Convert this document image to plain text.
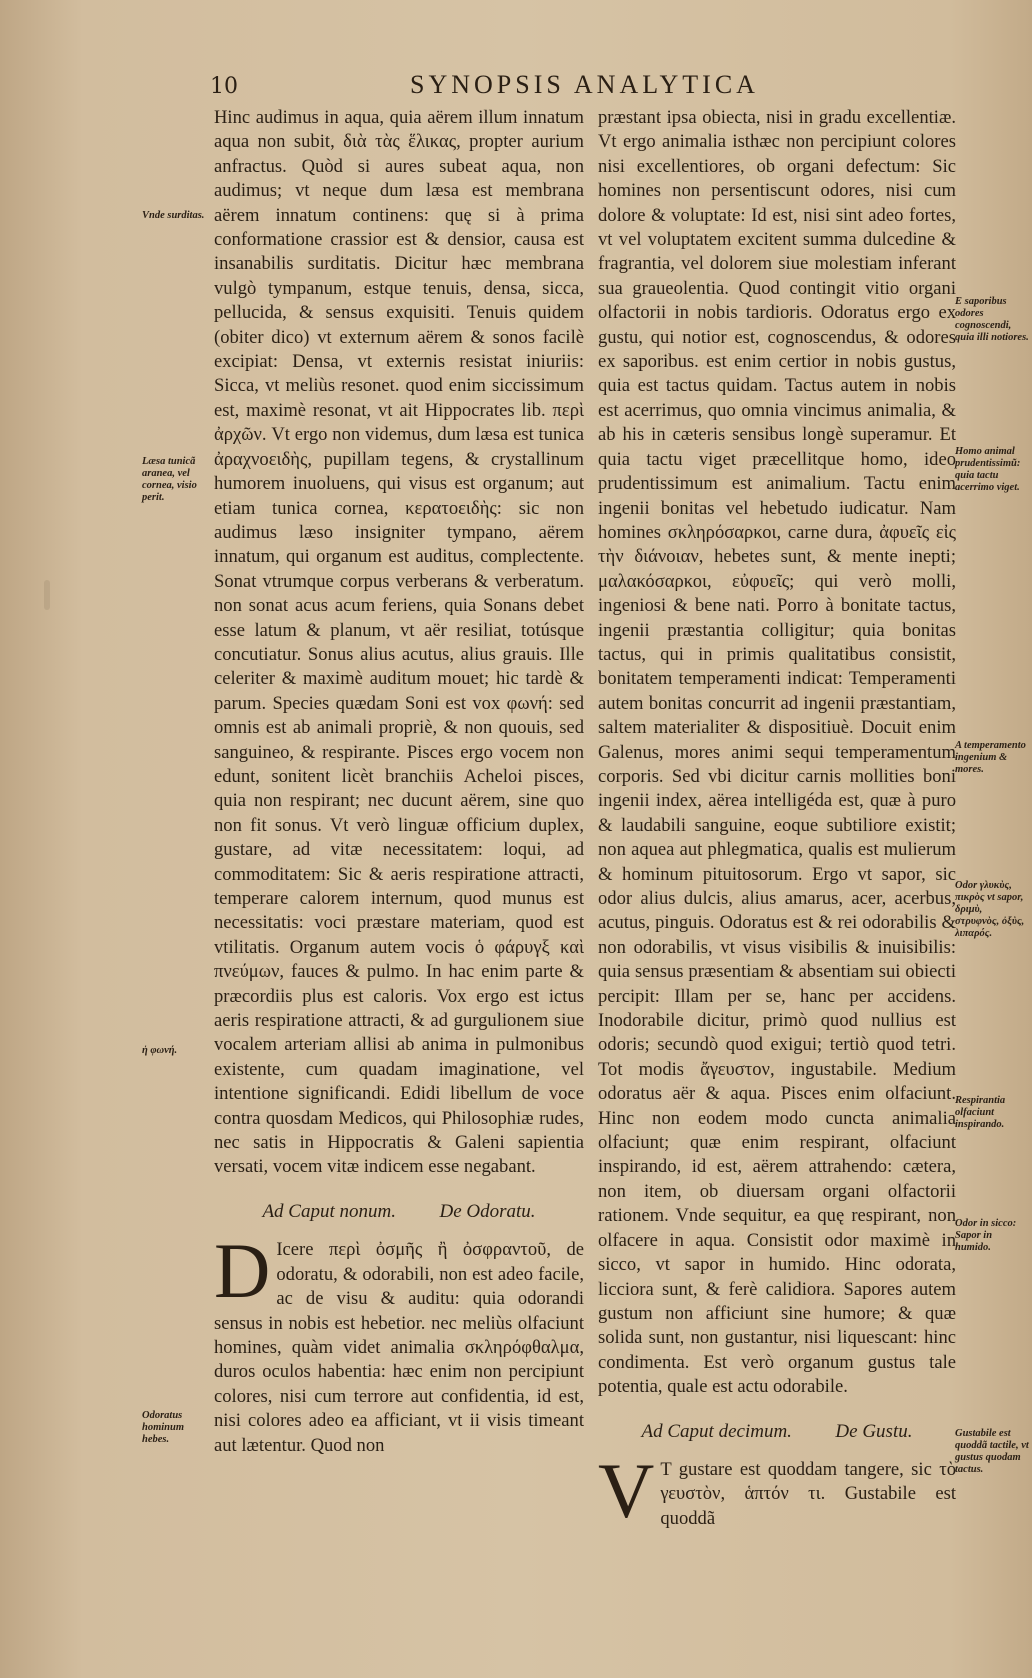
10	SYNOPSIS ANALYTICA

Hinc audimus in aqua, quia aërem illum innatum aqua non subit, διὰ τὰς ἕλικας, propter aurium anfractus. Quòd si aures subeat aqua, non audimus; vt neque dum læsa est membrana aërem innatum continens: quę si à prima conformatione crassior est & densior, causa est insanabilis surditatis. Dicitur hæc membrana vulgò tympanum, estque tenuis, densa, sicca, pellucida, & sensus exquisiti. Tenuis quidem (obiter dico) vt externum aërem & sonos facilè excipiat: Densa, vt externis resistat iniuriis: Sicca, vt meliùs resonet. quod enim siccissimum est, maximè resonat, vt ait Hippocrates lib. περὶ ἀρχῶν. Vt ergo non videmus, dum læsa est tunica ἀραχνοειδὴς, pupillam tegens, & crystallinum humorem inuoluens, qui visus est organum; aut etiam tunica cornea, κερατοειδὴς: sic non audimus læso insigniter tympano, aërem innatum, qui organum est auditus, complectente. Sonat vtrumque corpus verberans & verberatum. non sonat acus acum feriens, quia Sonans debet esse latum & planum, vt aër resiliat, totúsque concutiatur. Sonus alius acutus, alius grauis. Ille celeriter & maximè auditum mouet; hic tardè & parum. Species quædam Soni est vox φωνή: sed omnis est ab animali propriè, & non quouis, sed sanguineo, & respirante. Pisces ergo vocem non edunt, sonitent licèt branchiis Acheloi pisces, quia non respirant; nec ducunt aërem, sine quo non fit sonus. Vt verò linguæ officium duplex, gustare, ad vitæ necessitatem: loqui, ad commoditatem: Sic & aeris respiratione attracti, temperare calorem internum, quod munus est necessitatis: voci præstare materiam, quod est vtilitatis. Organum autem vocis ὁ φάρυγξ καὶ πνεύμων, fauces & pulmo. In hac enim parte & præcordiis plus est caloris. Vox ergo est ictus aeris respiratione attracti, & ad gurgulionem siue vocalem arteriam allisi ab anima in pulmonibus existente, cum quadam imaginatione, vel intentione significandi. Edidi libellum de voce contra quosdam Medicos, qui Philosophiæ rudes, nec satis in Hippocratis & Galeni sapientia versati, vocem vitæ indicem esse negabant.

Ad Caput nonum. De Odoratu.

D Icere περὶ ὀσμῆς ἢ ὀσφραντοῦ, de odoratu, & odorabili, non est adeo facile, ac de visu & auditu: quia odorandi sensus in nobis est hebetior. nec meliùs olfaciunt homines, quàm videt animalia σκληρόφθαλμα, duros oculos habentia: hæc enim non percipiunt colores, nisi cum terrore aut confidentia, id est, nisi colores adeo ea afficiant, vt ii visis timeant aut lætentur. Quod non

præstant ipsa obiecta, nisi in gradu excellentiæ. Vt ergo animalia isthæc non percipiunt colores nisi excellentiores, ob organi defectum: Sic homines non persentiscunt odores, nisi cum dolore & voluptate: Id est, nisi sint adeo fortes, vt vel voluptatem excitent summa dulcedine & fragrantia, vel dolorem siue molestiam inferant sua graueolentia. Quod contingit vitio organi olfactorii in nobis tardioris. Odoratus ergo ex gustu, qui notior est, cognoscendus, & odores ex saporibus. est enim certior in nobis gustus, quia est tactus quidam. Tactus autem in nobis est acerrimus, quo omnia vincimus animalia, & ab his in cæteris sensibus longè superamur. Et quia tactu viget præcellitque homo, ideo prudentissimum est animalium. Tactu enim ingenii bonitas vel hebetudo iudicatur. Nam homines σκληρόσαρκοι, carne dura, ἀφυεῖς εἰς τὴν διάνοιαν, hebetes sunt, & mente inepti; μαλακόσαρκοι, εὐφυεῖς; qui verò molli, ingeniosi & bene nati. Porro à bonitate tactus, ingenii præstantia colligitur; quia bonitas tactus, qui in primis qualitatibus consistit, bonitatem temperamenti indicat: Temperamenti autem bonitas concurrit ad ingenii præstantiam, saltem materialiter & dispositiuè. Docuit enim Galenus, mores animi sequi temperamentum corporis. Sed vbi dicitur carnis mollities boni ingenii index, aërea intelligéda est, quæ à puro & laudabili sanguine, eoque subtiliore existit; non aquea aut phlegmatica, qualis est mulierum & hominum pituitosorum. Ergo vt sapor, sic odor alius dulcis, alius amarus, acer, acerbus, acutus, pinguis. Odoratus est & rei odorabilis & non odorabilis, vt visus visibilis & inuisibilis: quia sensus præsentiam & absentiam sui obiecti percipit: Illam per se, hanc per accidens. Inodorabile dicitur, primò quod nullius est odoris; secundò quod exigui; tertiò quod tetri. Tot modis ἄγευστον, ingustabile. Medium odoratus aër & aqua. Pisces enim olfaciunt. Hinc non eodem modo cuncta animalia olfaciunt; quæ enim respirant, olfaciunt inspirando, id est, aërem attrahendo: cætera, non item, ob diuersam organi olfactorii rationem. Vnde sequitur, ea quę respirant, non olfacere in aqua. Consistit odor maximè in sicco, vt sapor in humido. Hinc odorata, licciora sunt, & ferè calidiora. Sapores autem gustum non afficiunt sine humore; & quæ solida sunt, non gustantur, nisi liquescant: hinc condimenta. Est verò organum gustus tale potentia, quale est actu odorabile.

Ad Caput decimum. De Gustu.

V T gustare est quoddam tangere, sic τὸ γευστὸν, ἁπτόν τι. Gustabile est quoddã

Vnde surditas.
Læsa tunicã aranea, vel cornea, visio perit.
ἡ φωνή.
Odoratus hominum hebes.
E saporibus odores cognoscendi, quia illi notiores.
Homo animal prudentissimũ: quia tactu acerrimo viget.
A temperamento ingenium & mores.
Odor γλυκὺς, πικρὸς vt sapor, δριμὺ, στρυφνὸς, ὀξὺς, λιπαρός.
Respirantia olfaciunt inspirando.
Odor in sicco: Sapor in humido.
Gustabile est quoddã tactile, vt gustus quodam tactus.
